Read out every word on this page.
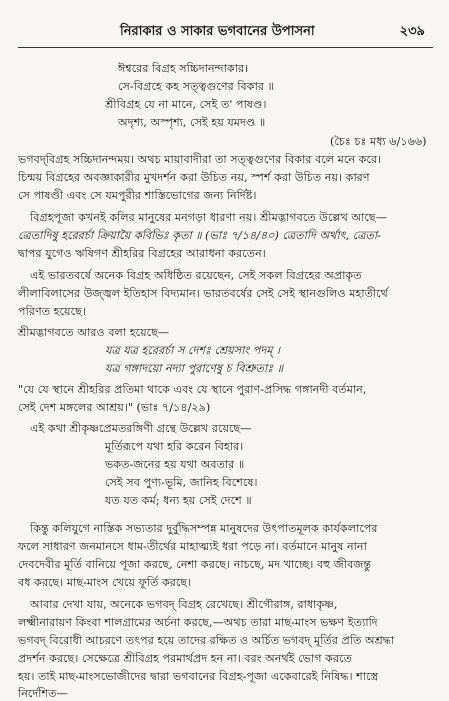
নিরাকার ও সাকার ভগবানের উপাসনা	২৩৯
ঈশ্বরের বিগ্রহ সচ্চিদানন্দাকার।
সে-বিগ্রহে কহ সত্ত্বগুণের বিকার ॥
শ্রীবিগ্রহ যে না মানে, সেই ত' পাষণ্ড।
অদৃশ্য, অস্পৃশ্য, সেই হয় যমদণ্ড ॥
(চৈঃ চঃ মধ্য ৬/১৬৬)
ভগবদ্‌বিগ্রহ সচ্চিদানন্দময়। অথচ মায়াবাদীরা তা সত্ত্বগুণের বিকার বলে মনে করে।
চিন্ময় বিগ্রহের অবজ্ঞাকারীর মুখদর্শন করা উচিত নয়, স্পর্শ করা উচিত নয়। কারণ
সে পাষণ্ডী এবং সে যমপুরীর শাস্তিভোগের জন্য নির্দিষ্ট।
বিগ্রহপূজা কখনই কলির মানুষের মনগড়া ধারণা নয়। শ্রীমদ্ভাগবতে উল্লেখ আছে—
ত্রেতাদিষু হরেরর্চা ক্রিয়ায়ৈ কবিভিঃ কৃতা ॥ (ভাঃ ৭/১৪/৪০) ত্রেতাদি অর্থাৎ, ত্রেতা-
দ্বাপর যুগেও ঋষিগণ শ্রীহরির বিগ্রহের আরাধনা করতেন।
এই ভারতবর্ষে অনেক বিগ্রহ অধিষ্ঠিত রয়েছেন, সেই সকল বিগ্রহের অপ্রাকৃত
লীলাবিলাসের উজ্জ্বল ইতিহাস বিদ্যমান। ভারতবর্ষের সেই সেই স্থানগুলিও মহাতীর্থে
পরিণত হয়েছে।
শ্রীমদ্ভাগবতে আরও বলা হয়েছে—
যত্র যত্র হরেরর্চা স দেশঃ শ্রেয়সাং পদম্ ।
যত্র গঙ্গাদয়ো নদ্যা পুরাণেষু চ বিশ্রুতাঃ ॥
"যে যে স্থানে শ্রীহরির প্রতিমা থাকে এবং যে স্থানে পুরাণ-প্রসিদ্ধ গঙ্গানদী বর্তমান,
সেই দেশ মঙ্গলের আশ্রয়।" (ভাঃ ৭/১৪/২৯)
এই কথা শ্রীকৃষ্ণপ্রেমতরঙ্গিণী গ্রন্থে উল্লেখ রয়েছে—
মূর্তিরূপে যথা হরি করেন বিহার।
ভকত-জনের হয় যথা অবতার ॥
সেই সব পুণ্য-ভূমি, জানিহ বিশেষে।
যত যত কর্ম; ধন্য হয় সেই দেশে ॥
কিন্তু কলিযুগে নাস্তিক সভ্যতার দুর্বুদ্ধিসম্পন্ন মানুষদের উৎপাতমূলক কার্যকলাপের
ফলে সাধারণ জনমানসে ধাম-তীর্থের মাহাত্ম্যই ধরা পড়ে না। বর্তমানে মানুষ নানা
দেবদেবীর মূর্তি বানিয়ে পূজা করছে, নেশা করছে। নাচছে, মদ খাচ্ছে। বহু জীবজন্তু
বধ করছে। মাছ-মাংস খেয়ে ফূর্তি করছে।
আবার দেখা যায়, অনেকে ভগবদ্ বিগ্রহ রেখেছে। শ্রীগৌরাঙ্গ, রাধাকৃষ্ণ,
লক্ষ্মীনারায়ণ কিংবা শালগ্রামের অর্চনা করছে,—অথচ তারা মাছ-মাংস ভক্ষণ ইত্যাদি
ভগবদ্ বিরোধী আচরণে তৎপর হয়ে তাদের রক্ষিত ও অর্চিত ভগবদ্ মূর্তির প্রতি অশ্রদ্ধা
প্রদর্শন করছে। সেক্ষেত্রে শ্রীবিগ্রহ পরমার্থপ্রদ হন না। বরং অনর্থই ভোগ করতে
হয়। তাই মাছ-মাংসভোজীদের দ্বারা ভগবানের বিগ্রহ-পূজা একেবারেই নিষিদ্ধ। শাস্ত্রে
নির্দেশিত—
